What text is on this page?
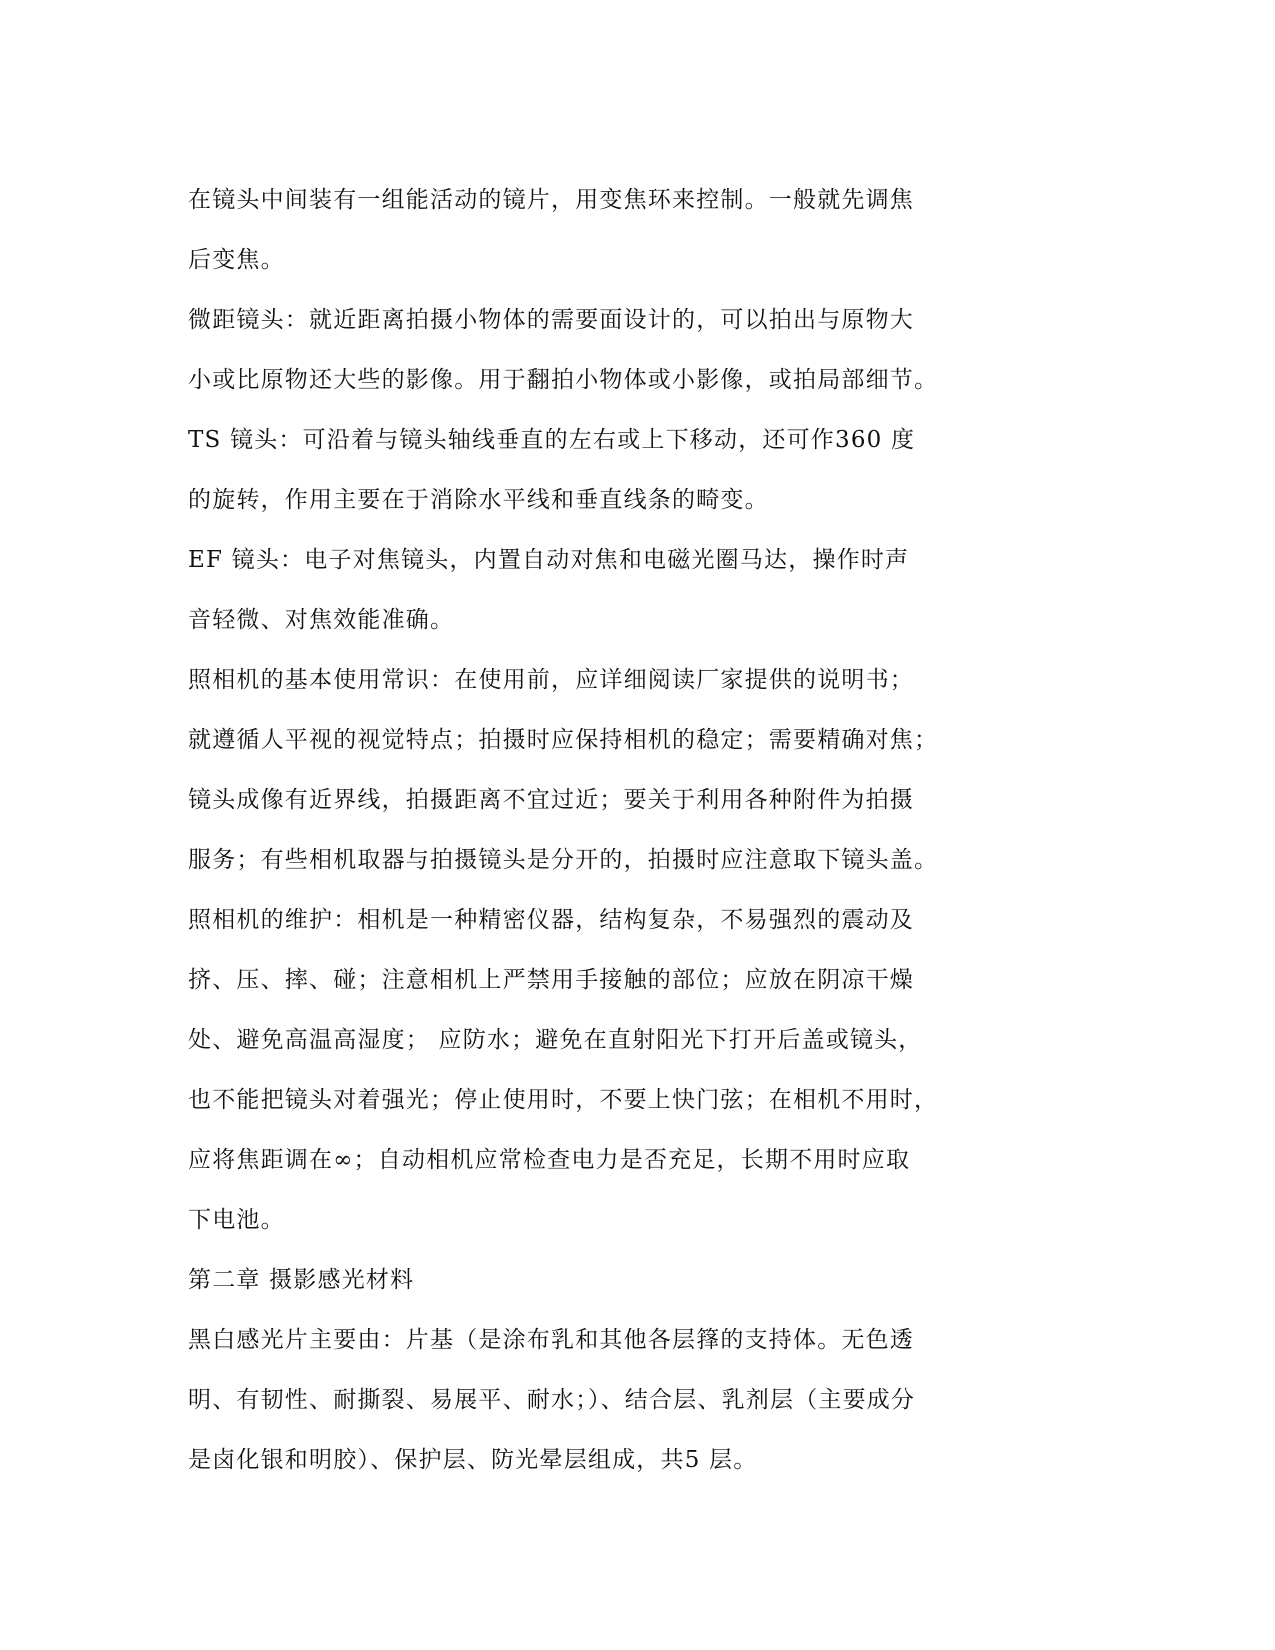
在镜头中间装有一组能活动的镜片，用变焦环来控制。一般就先调焦
后变焦。
微距镜头：就近距离拍摄小物体的需要面设计的，可以拍出与原物大
小或比原物还大些的影像。用于翻拍小物体或小影像，或拍局部细节。
TS 镜头：可沿着与镜头轴线垂直的左右或上下移动，还可作360 度
的旋转，作用主要在于消除水平线和垂直线条的畸变。
EF 镜头：电子对焦镜头，内置自动对焦和电磁光圈马达，操作时声
音轻微、对焦效能准确。
照相机的基本使用常识：在使用前，应详细阅读厂家提供的说明书；
就遵循人平视的视觉特点；拍摄时应保持相机的稳定；需要精确对焦；
镜头成像有近界线，拍摄距离不宜过近；要关于利用各种附件为拍摄
服务；有些相机取器与拍摄镜头是分开的，拍摄时应注意取下镜头盖。
照相机的维护：相机是一种精密仪器，结构复杂，不易强烈的震动及
挤、压、摔、碰；注意相机上严禁用手接触的部位；应放在阴凉干燥
处、避免高温高湿度； 应防水；避免在直射阳光下打开后盖或镜头，
也不能把镜头对着强光；停止使用时，不要上快门弦；在相机不用时，
应将焦距调在∞；自动相机应常检查电力是否充足，长期不用时应取
下电池。
第二章 摄影感光材料
黑白感光片主要由：片基（是涂布乳和其他各层箨的支持体。无色透
明、有韧性、耐撕裂、易展平、耐水；）、结合层、乳剂层（主要成分
是卤化银和明胶）、保护层、防光晕层组成，共5 层。
